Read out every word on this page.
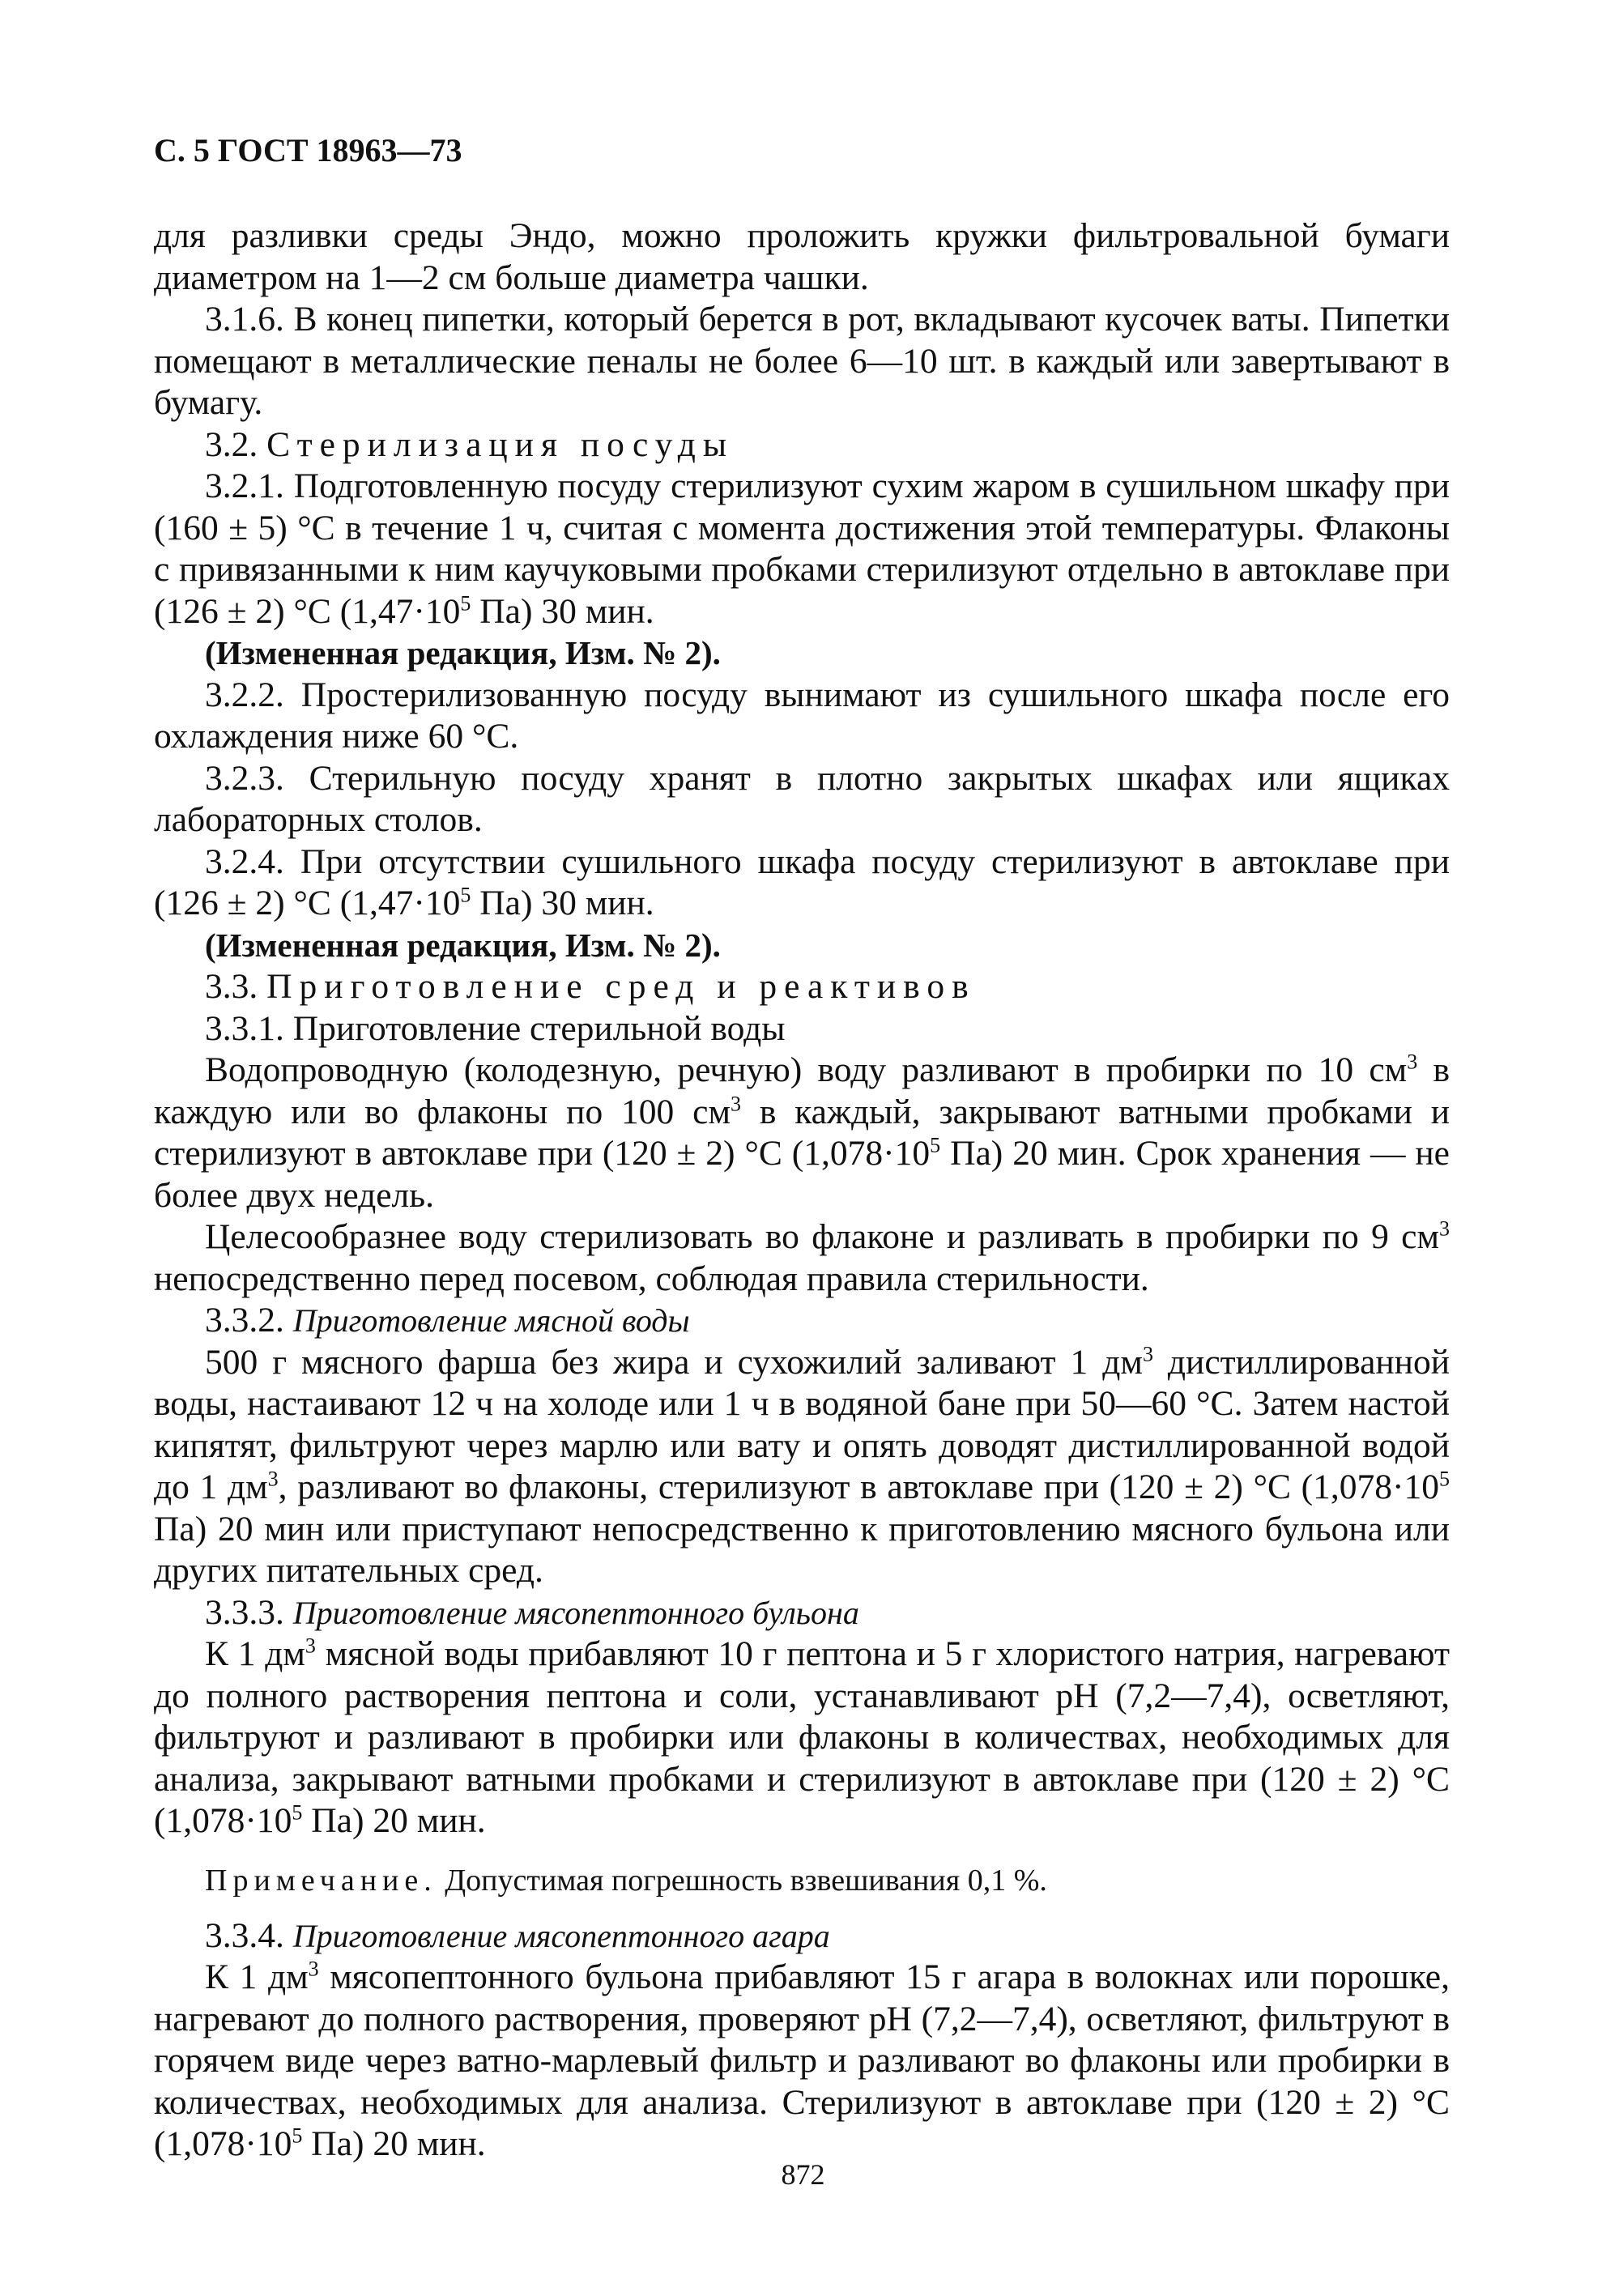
С. 5 ГОСТ 18963—73

для разливки среды Эндо, можно проложить кружки фильтровальной бумаги диаметром на 1—2 см больше диаметра чашки.

3.1.6. В конец пипетки, который берется в рот, вкладывают кусочек ваты. Пипетки помещают в металлические пеналы не более 6—10 шт. в каждый или завертывают в бумагу.

3.2. Стерилизация посуды

3.2.1. Подготовленную посуду стерилизуют сухим жаром в сушильном шкафу при (160 ± 5) °С в течение 1 ч, считая с момента достижения этой температуры. Флаконы с привязанными к ним каучуковыми пробками стерилизуют отдельно в автоклаве при (126 ± 2) °С ($1,47\cdot 10^5$ Па) 30 мин.

(Измененная редакция, Изм. № 2).

3.2.2. Простерилизованную посуду вынимают из сушильного шкафа после его охлаждения ниже 60 °С.

3.2.3. Стерильную посуду хранят в плотно закрытых шкафах или ящиках лабораторных столов.

3.2.4. При отсутствии сушильного шкафа посуду стерилизуют в автоклаве при (126 ± 2) °С ($1,47\cdot 10^5$ Па) 30 мин.

(Измененная редакция, Изм. № 2).

3.3. Приготовление сред и реактивов

3.3.1. Приготовление стерильной воды

Водопроводную (колодезную, речную) воду разливают в пробирки по 10 $см^3$ в каждую или во флаконы по 100 $см^3$ в каждый, закрывают ватными пробками и стерилизуют в автоклаве при (120 ± 2) °С ($1,078\cdot 10^5$ Па) 20 мин. Срок хранения — не более двух недель.

Целесообразнее воду стерилизовать во флаконе и разливать в пробирки по 9 $см^3$ непосредственно перед посевом, соблюдая правила стерильности.

3.3.2. Приготовление мясной воды

500 г мясного фарша без жира и сухожилий заливают 1 $дм^3$ дистиллированной воды, настаивают 12 ч на холоде или 1 ч в водяной бане при 50—60 °С. Затем настой кипятят, фильтруют через марлю или вату и опять доводят дистиллированной водой до 1 $дм^3$, разливают во флаконы, стерилизуют в автоклаве при (120 ± 2) °С ($1,078\cdot 10^5$ Па) 20 мин или приступают непосредственно к приготовлению мясного бульона или других питательных сред.

3.3.3. Приготовление мясопептонного бульона

К 1 $дм^3$ мясной воды прибавляют 10 г пептона и 5 г хлористого натрия, нагревают до полного растворения пептона и соли, устанавливают рН (7,2—7,4), осветляют, фильтруют и разливают в пробирки или флаконы в количествах, необходимых для анализа, закрывают ватными пробками и стерилизуют в автоклаве при (120 ± 2) °С ($1,078\cdot 10^5$ Па) 20 мин.

Примечание. Допустимая погрешность взвешивания 0,1 %.

3.3.4. Приготовление мясопептонного агара

К 1 $дм^3$ мясопептонного бульона прибавляют 15 г агара в волокнах или порошке, нагревают до полного растворения, проверяют рН (7,2—7,4), осветляют, фильтруют в горячем виде через ватно-марлевый фильтр и разливают во флаконы или пробирки в количествах, необходимых для анализа. Стерилизуют в автоклаве при (120 ± 2) °С ($1,078\cdot 10^5$ Па) 20 мин.

872
